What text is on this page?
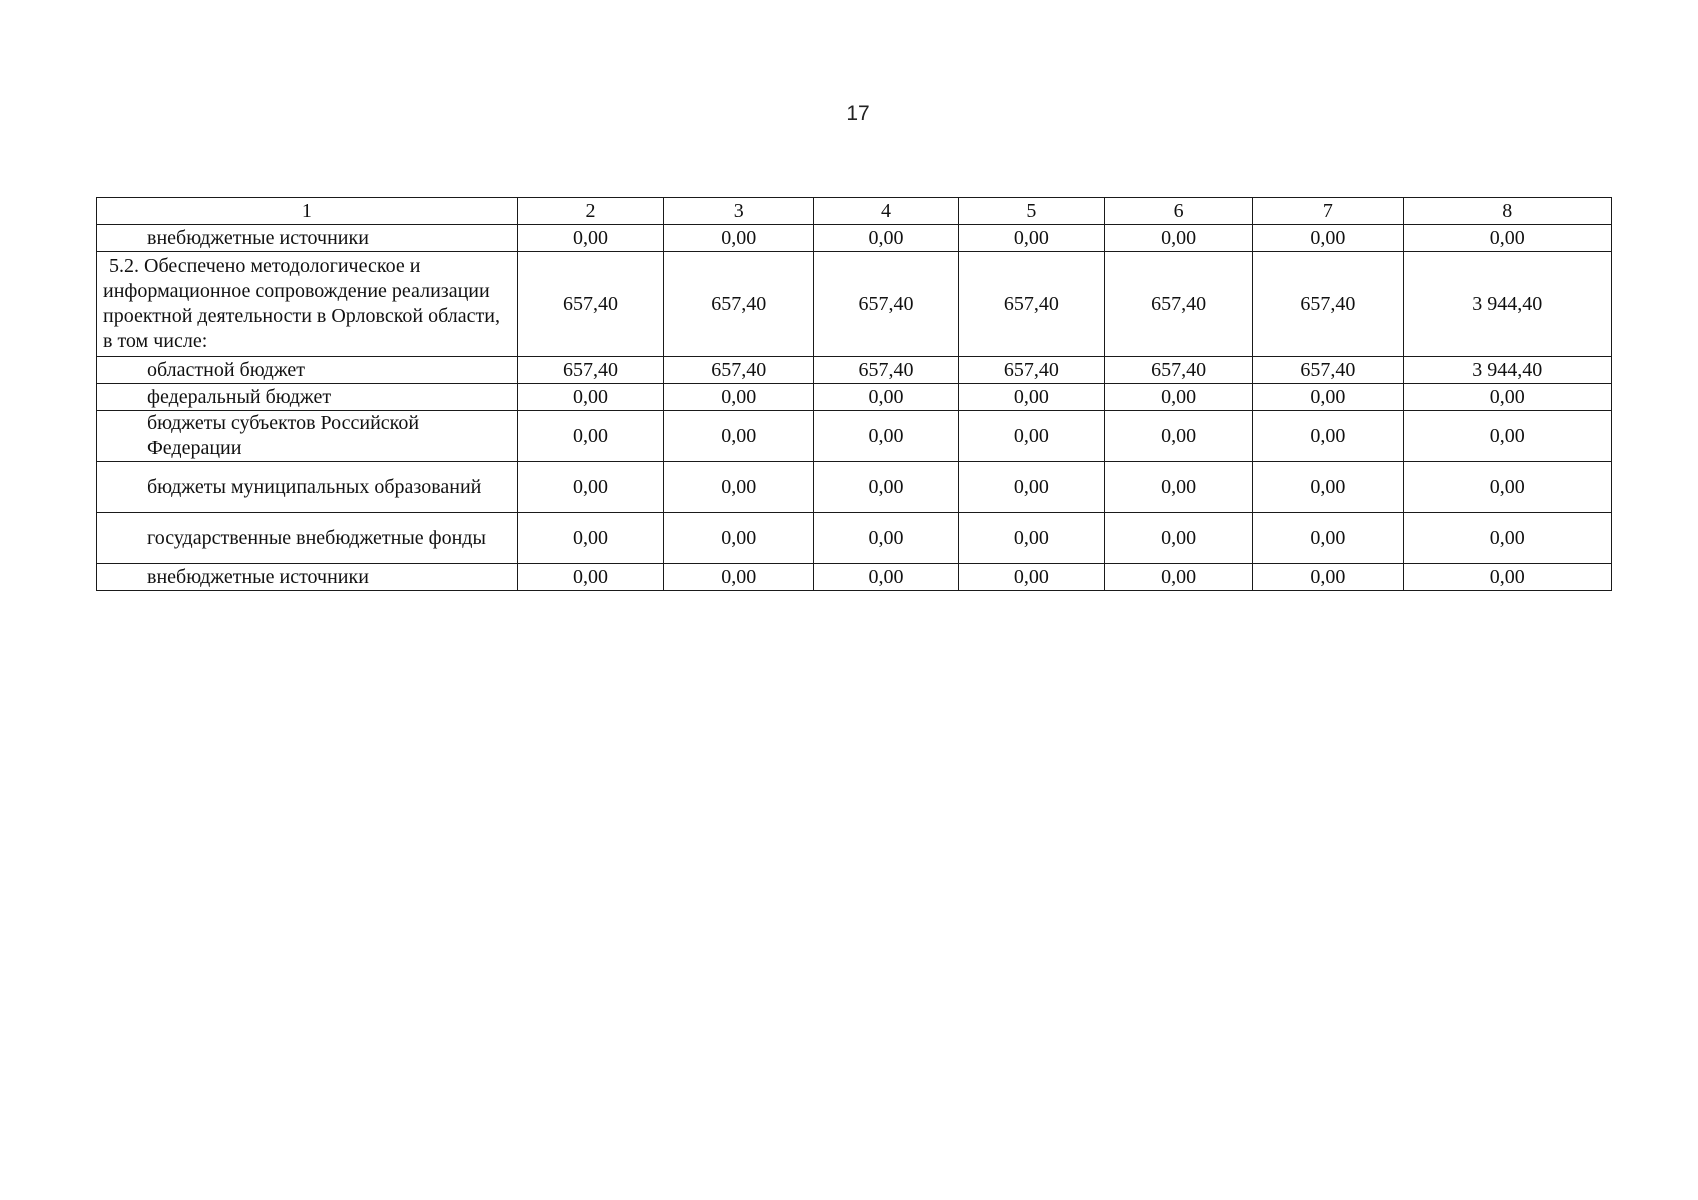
17
1	2	3	4	5	6	7	8
внебюджетные источники	0,00	0,00	0,00	0,00	0,00	0,00	0,00
5.2. Обеспечено методологическое и информационное сопровождение реализации проектной деятельности в Орловской области, в том числе:	657,40	657,40	657,40	657,40	657,40	657,40	3 944,40
областной бюджет	657,40	657,40	657,40	657,40	657,40	657,40	3 944,40
федеральный бюджет	0,00	0,00	0,00	0,00	0,00	0,00	0,00
бюджеты субъектов Российской Федерации	0,00	0,00	0,00	0,00	0,00	0,00	0,00
бюджеты муниципальных образований	0,00	0,00	0,00	0,00	0,00	0,00	0,00
государственные внебюджетные фонды	0,00	0,00	0,00	0,00	0,00	0,00	0,00
внебюджетные источники	0,00	0,00	0,00	0,00	0,00	0,00	0,00
